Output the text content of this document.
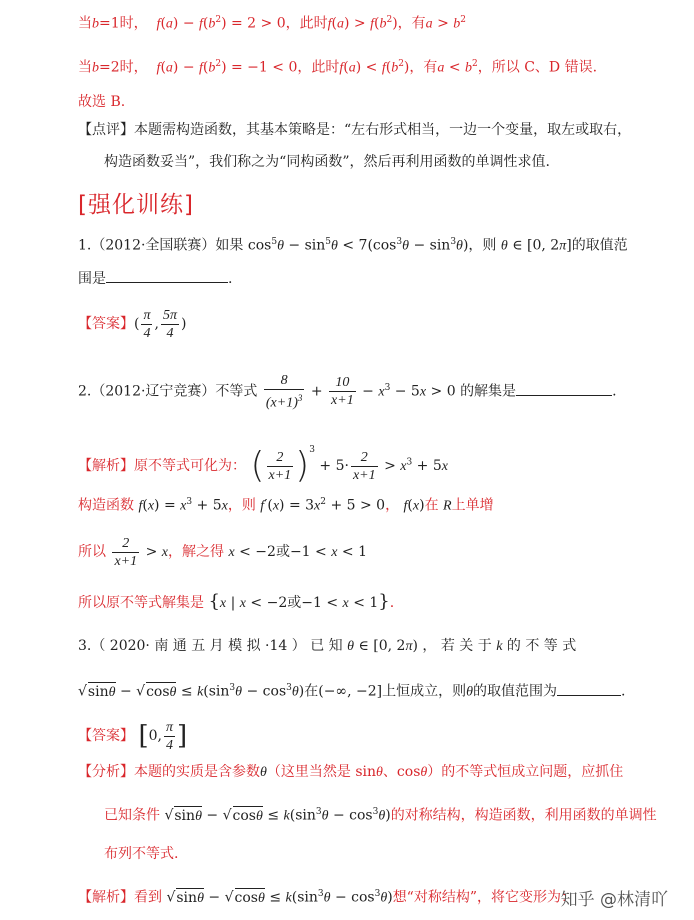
当b=1时， $f(a) - f(b^2) = 2 > 0$，此时$f(a) > f(b^2)$，有$a > b^2$
当b=2时， $f(a) - f(b^2) = -1 < 0$，此时$f(a) < f(b^2)$，有$a < b^2$，所以 C、D 错误.
故选 B.
【点评】本题需构造函数，其基本策略是：“左右形式相当，一边一个变量，取左或取右，
构造函数妥当”，我们称之为“同构函数”，然后再利用函数的单调性求值.
[强化训练]
1.（2012·全国联赛）如果 $\cos^5\theta - \sin^5\theta < 7(\cos^3\theta - \sin^3\theta)$，则 θ ∈ [0, 2π]的取值范
围是	.
【答案】( $\frac{\pi}{4}$ , $\frac{5\pi}{4}$ )
2.（2012·辽宁竞赛）不等式 $\frac{8}{(x+1)^3} + \frac{10}{x+1} - x^3 - 5x > 0$ 的解集是	.
【解析】原不等式可化为： ( $\frac{2}{x+1} )^3 + 5\cdot \frac{2}{x+1} > x^3 + 5x$
构造函数 $f(x) = x^3 + 5x$，则 $f'(x) = 3x^2 + 5 > 0$， f(x)在 R上单增
所以 $\frac{2}{x+1} > x$，解之得 x < −2或−1 < x < 1
所以原不等式解集是 {x | x < −2或−1 < x < 1}.
3.（ 2020· 南 通 五 月 模 拟 ·14 ） 已 知 θ ∈ [0, 2π) ， 若 关 于 k 的 不 等 式
$√\sin\theta - √\cos\theta \le k(\sin^3\theta - \cos^3\theta)$在(−∞, −2]上恒成立，则θ的取值范围为	.
【答案】 [0, $\frac{\pi}{4}$ ]
【分析】本题的实质是含参数θ（这里当然是 sinθ、cosθ）的不等式恒成立问题，应抓住
已知条件 $√\sin\theta - √\cos\theta \le k(\sin^3\theta - \cos^3\theta)$的对称结构，构造函数，利用函数的单调性
布列不等式.
【解析】看到 $√\sin\theta - √\cos\theta \le k(\sin^3\theta - \cos^3\theta)$想“对称结构”，将它变形为：
知乎 @林清吖
